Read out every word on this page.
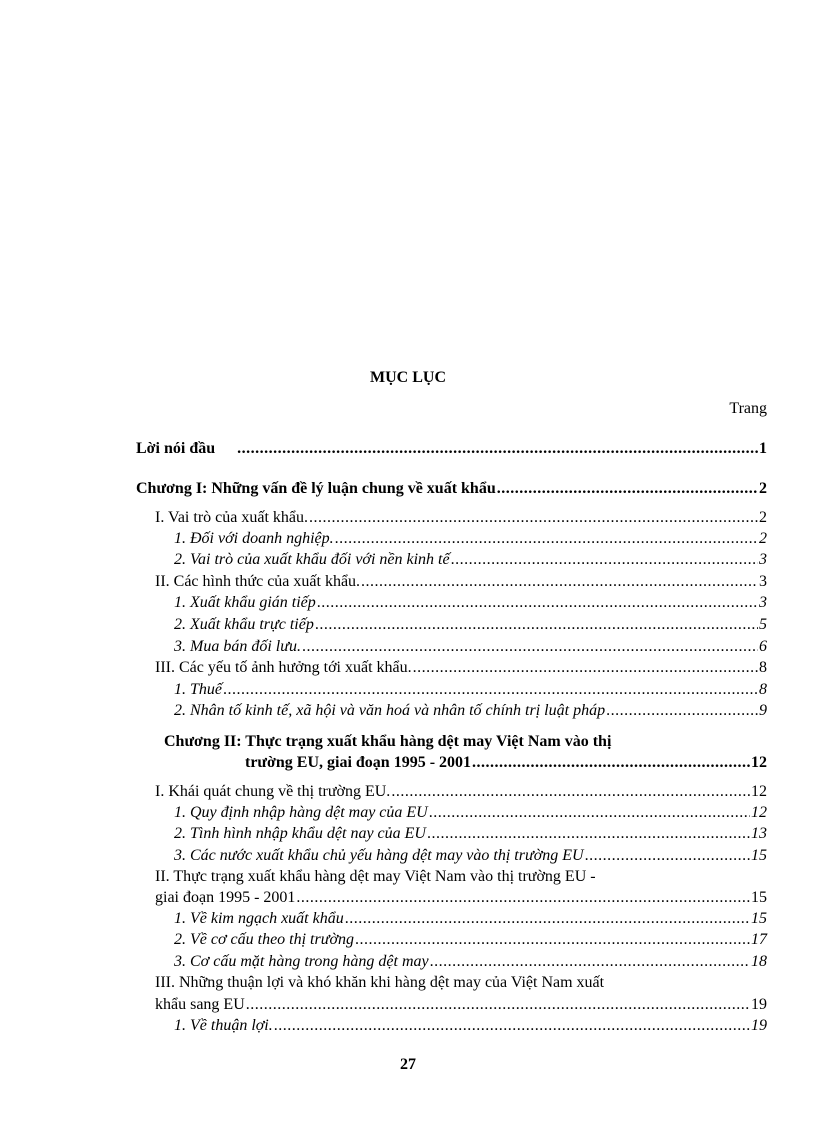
MỤC LỤC
Trang
Lời nói đầu .....	1
Chương I: Những vấn đề lý luận chung về xuất khẩu .....	2
I. Vai trò của xuất khẩu. .....	2
1. Đối với doanh nghiệp. .....	2
2. Vai trò của xuất khẩu đối với nền kinh tế .....	3
II. Các hình thức của xuất khẩu. .....	3
1. Xuất khẩu gián tiếp .....	3
2. Xuất khẩu trực tiếp .....	5
3. Mua bán đối lưu. .....	6
III. Các yếu tố ảnh hưởng tới xuất khẩu. .....	8
1. Thuế .....	8
2. Nhân tố kinh tế, xã hội và văn hoá và nhân tố chính trị luật pháp .....	9
Chương II: Thực trạng xuất khẩu hàng dệt may Việt Nam vào thị
trường EU, giai đoạn 1995 - 2001 .....	12
I. Khái quát chung về thị trường EU. .....	12
1. Quy định nhập hàng dệt may của EU .....	12
2. Tình hình nhập khẩu dệt nay của EU .....	13
3. Các nước xuất khẩu chủ yếu hàng dệt may vào thị trường EU .....	15
II. Thực trạng xuất khẩu hàng dệt may Việt Nam vào thị trường EU -
giai đoạn 1995 - 2001 .....	15
1. Về kim ngạch xuất khẩu .....	15
2. Về cơ cấu theo thị trường .....	17
3. Cơ cấu mặt hàng trong hàng dệt may .....	18
III. Những thuận lợi và khó khăn khi hàng dệt may của Việt Nam xuất
khẩu sang EU .....	19
1. Về thuận lợi. .....	19
27
